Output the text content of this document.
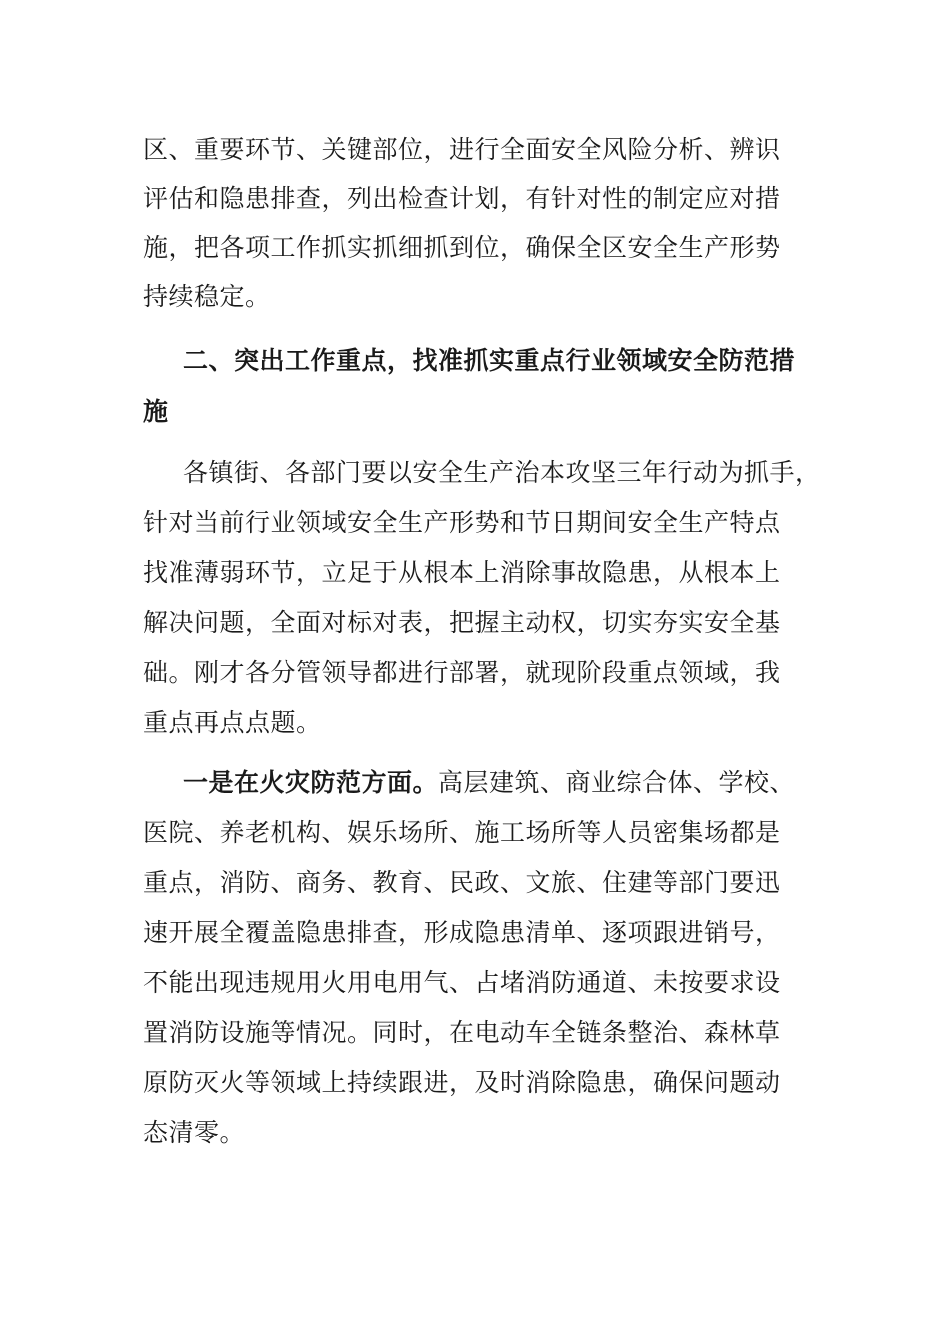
区、重要环节、关键部位，进行全面安全风险分析、辨识
评估和隐患排查，列出检查计划，有针对性的制定应对措
施，把各项工作抓实抓细抓到位，确保全区安全生产形势
持续稳定。
二、突出工作重点，找准抓实重点行业领域安全防范措
施
各镇街、各部门要以安全生产治本攻坚三年行动为抓手，
针对当前行业领域安全生产形势和节日期间安全生产特点
找准薄弱环节，立足于从根本上消除事故隐患，从根本上
解决问题，全面对标对表，把握主动权，切实夯实安全基
础。刚才各分管领导都进行部署，就现阶段重点领域，我
重点再点点题。
一是在火灾防范方面。高层建筑、商业综合体、学校、
医院、养老机构、娱乐场所、施工场所等人员密集场都是
重点，消防、商务、教育、民政、文旅、住建等部门要迅
速开展全覆盖隐患排查，形成隐患清单、逐项跟进销号，
不能出现违规用火用电用气、占堵消防通道、未按要求设
置消防设施等情况。同时，在电动车全链条整治、森林草
原防灭火等领域上持续跟进，及时消除隐患，确保问题动
态清零。
